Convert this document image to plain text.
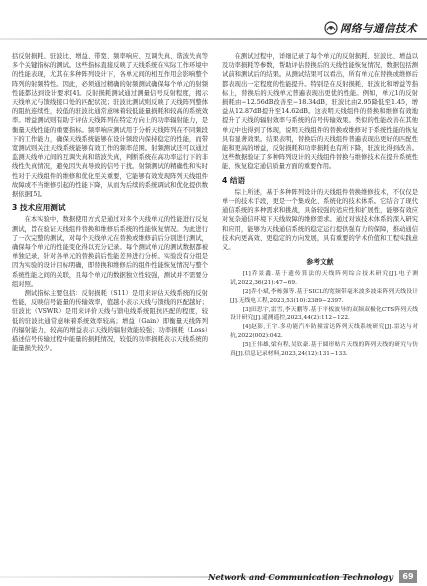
网络与通信技术

括反射损耗、驻波比、增益、带宽、频率响应、互调失真、谐波失真等多个关键指标的测试。这些指标直接反映了天线系统在实际工作环境中的性能表现，尤其在多种阵列设计下，各单元间的相互作用会影响整个阵列的射频特性。因此，必须通过精确的射频测试确保每个单元的射频性能都达到设计要求[4]。反射损耗测试通过测量信号反射程度，揭示天线单元与馈线接口处的匹配状况；驻波比测试则反映了天线阵列整体的阻抗连续性，较低的驻波比通常意味着较低能量损耗和较高的系统效率。增益测试则有助于评估天线阵列在特定方向上的功率辐射能力，是衡量天线性能的重要指标。频率响应测试用于分析天线阵列在不同频段下的工作能力，确保天线系统能够在设计频段内保持稳定的性能，而带宽测试则关注天线系统能够有效工作的频率范围。射频测试还可以通过监测天线单元间的互调失真和谐波失真，判断系统在高功率运行下的非线性失真情况，避免因失真导致的信号干扰。射频测试的精确性和实时性对于天线组件的维修和优化至关重要，它能够有效发现阵列天线组件故障或不当维修引起的性能下降，从而为后续的系统调试和优化提供数据依据[5]。

3 技术应用测试

在本实验中，数据使用方式是通过对多个天线单元的性能进行反复测试，旨在验证天线组件替换和维修后系统的性能恢复情况。为此进行了一次完整的测试，对每个天线单元在替换或维修前后分别进行测试，确保每个单元的性能变化得以充分记录。每个测试单元的测试数据都被单独记录，针对各单元的替换前后性能差异进行分析。实验没有分组是因为实验的设计目标明确，即替换和维修后的组件性能恢复情况与整个系统性能之间的关联，且每个单元的数据独立性较强，测试并不需要分组对照。

测试指标主要包括：反射损耗（S11）是用来评估天线系统的反射性能，反映信号能量的传输效率，值越小表示天线与馈线的匹配越好；驻波比（VSWR）是用来评价天线与馈电线系统阻抗匹配的程度，较低的驻波比通常意味着系统效率较高；增益（Gain）即衡量天线阵列的辐射能力，较高的增益表示天线的辐射效能较强；功率损耗（Loss）描述信号传输过程中能量的损耗情况，较低的功率损耗表示天线系统的能量损失较少。

在测试过程中，详细记录了每个单元的反射损耗、驻波比、增益以及功率损耗等参数，帮助评估替换后的天线性能恢复情况，数据包括测试前和测试后的结果。从测试结果可以看出，所有单元在替换或维修后都表现出一定程度的性能提升。特别是在反射损耗、驻波比和增益等指标上，替换后的天线单元普遍表现出更优的性能。例如，单元1的反射损耗由−12.56dB改善至−18.34dB，驻波比由2.95降低至1.45，增益从12.87dB提升至14.62dB。这表明天线组件的替换和维修有效地提升了天线的辐射效率与系统的信号传输效果。类似的性能改善在其他单元中也得到了体现，说明天线组件的替换或维修对于系统性能的恢复具有显著效果。结果表明，替换后的天线组件普遍表现出更好的匹配性能和更高的增益，反射损耗和功率损耗也有所下降，驻波比得到改善。这些数据验证了多种阵列设计的天线组件替换与维修技术在提升系统性能、恢复稳定通信质量方面的重要作用。

4 结语

综上所述，基于多种阵列设计的天线组件替换维修技术，不仅仅是单一的技术手段，更是一个集成化、系统化的技术体系。它结合了现代通信系统的多种需求和挑战，具备较强的适应性和扩展性，能够有效应对复杂通信环境下天线故障的维修需求。通过对该技术体系的深入研究和应用，能够为天线通信系统的稳定运行提供强有力的保障，推动通信技术向更高效、更稳定的方向发展，具有重要的学术价值和工程实践意义。

参考文献

[1]乔景鑫.基于遗传算法的天线阵列综合技术研究[J].电子测试,2022,36(21):47−69.

[2]乔小斌,李栋强等.基于SICL的宽频带毫米波多波束阵列天线设计[J].无线电工程,2023,53(10):2389−2397.

[3]田思宇,雷雪,李天鹏等.基于平板波导的双频双极化CTS阵列天线设计研究[J].遥测遥控,2023,44(2):112−122.

[4]赵影,王宇.多功能汽车防撞雷达阵列天线系统研究[J].雷达与对抗,2022(002):042.

[5]王伟雄,梁有程,吴钦豪.基于圆形贴片天线的阵列天线的研究与仿真[J].信息记录材料,2023,24(12):131−133.

Network and Communication Technology	69
